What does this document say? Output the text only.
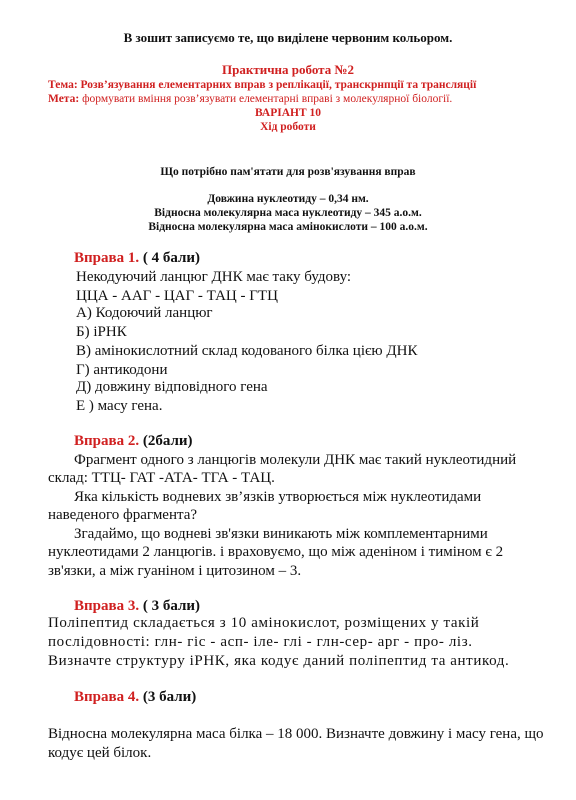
В зошит записуємо те, що виділене червоним кольором.
Практична робота №2
Тема: Розв’язування елементарних вправ з реплікації, транскрнпції та трансляції
Мета: формувати вміння розв’язувати елементарні вправі з молекулярної біології.
ВАРІАНТ 10
Хід роботи
Що потрібно пам'ятати для розв'язування вправ
Довжина нуклеотиду – 0,34 нм.
Відносна молекулярна маса нуклеотиду – 345 а.о.м.
Відносна молекулярна маса амінокислоти – 100 а.о.м.
Вправа 1. ( 4 бали)
Некодуючий ланцюг ДНК має таку будову:
ЦЦА - ААГ - ЦАГ - ТАЦ - ГТЦ
А) Кодоючий ланцюг
Б) іРНК
В) амінокислотний склад кодованого білка цією ДНК
Г) антикодони
Д) довжину відповідного гена
Е ) масу гена.
Вправа 2. (2бали)
Фрагмент одного з ланцюгів молекули ДНК має такий нуклеотидний
склад: ТТЦ- ГАТ -АТА- ТГА - ТАЦ.
Яка кількість водневих зв’язків утворюється між нуклеотидами
наведеного фрагмента?
Згадаймо, що водневі зв'язки виникають між комплементарними
нуклеотидами 2 ланцюгів. і враховуємо, що між аденіном і тиміном є 2
зв'язки, а між гуаніном і цитозином – 3.
Вправа 3. ( 3 бали)
Поліпептид складається з 10 амінокислот, розміщених у такій
послідовності: глн- гіс - асп- іле- глі - глн-сер- арг - про- ліз.
Визначте структуру іРНК, яка кодує даний поліпептид та антикод.
Вправа 4. (3 бали)
Відносна молекулярна маса білка – 18 000. Визначте довжину і масу гена, що
кодує цей білок.
